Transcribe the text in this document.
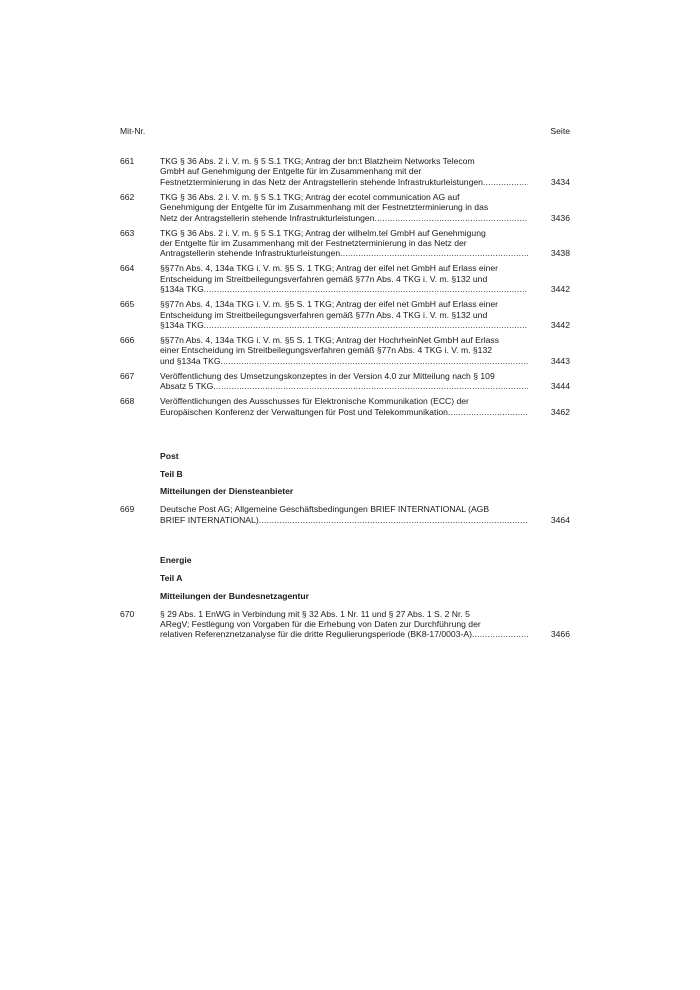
Mit-Nr.	Seite
661	TKG § 36 Abs. 2 i. V. m. § 5 S.1 TKG; Antrag der bn:t Blatzheim Networks Telecom
GmbH auf Genehmigung der Entgelte für im Zusammenhang mit der
Festnetzterminierung in das Netz der Antragstellerin stehende Infrastrukturleistungen .....	3434
662	TKG § 36 Abs. 2 i. V. m. § 5 S.1 TKG; Antrag der ecotel communication AG auf
Genehmigung der Entgelte für im Zusammenhang mit der Festnetzterminierung in das
Netz der Antragstellerin stehende Infrastrukturleistungen .....	3436
663	TKG § 36 Abs. 2 i. V. m. § 5 S.1 TKG; Antrag der wilhelm.tel GmbH auf Genehmigung
der Entgelte für im Zusammenhang mit der Festnetzterminierung in das Netz der
Antragstellerin stehende Infrastrukturleistungen .....	3438
664	§§77n Abs. 4, 134a TKG i. V. m. §5 S. 1 TKG; Antrag der eifel net GmbH auf Erlass einer
Entscheidung im Streitbeilegungsverfahren gemäß §77n Abs. 4 TKG i. V. m. §132 und
§134a TKG .....	3442
665	§§77n Abs. 4, 134a TKG i. V. m. §5 S. 1 TKG; Antrag der eifel net GmbH auf Erlass einer
Entscheidung im Streitbeilegungsverfahren gemäß §77n Abs. 4 TKG i. V. m. §132 und
§134a TKG .....	3442
666	§§77n Abs. 4, 134a TKG i. V. m. §5 S. 1 TKG; Antrag der HochrheinNet GmbH auf Erlass
einer Entscheidung im Streitbeilegungsverfahren gemäß §77n Abs. 4 TKG i. V. m. §132
und §134a TKG .....	3443
667	Veröffentlichung des Umsetzungskonzeptes in der Version 4.0 zur Mitteilung nach § 109
Absatz 5 TKG .....	3444
668	Veröffentlichungen des Ausschusses für Elektronische Kommunikation (ECC) der
Europäischen Konferenz der Verwaltungen für Post und Telekommunikation .....	3462
Post
Teil B
Mitteilungen der Diensteanbieter
669	Deutsche Post AG; Allgemeine Geschäftsbedingungen BRIEF INTERNATIONAL (AGB
BRIEF INTERNATIONAL) .....	3464
Energie
Teil A
Mitteilungen der Bundesnetzagentur
670	§ 29 Abs. 1 EnWG in Verbindung mit § 32 Abs. 1 Nr. 11 und § 27 Abs. 1 S. 2 Nr. 5
ARegV; Festlegung von Vorgaben für die Erhebung von Daten zur Durchführung der
relativen Referenznetzanalyse für die dritte Regulierungsperiode (BK8-17/0003-A) .....	3466
